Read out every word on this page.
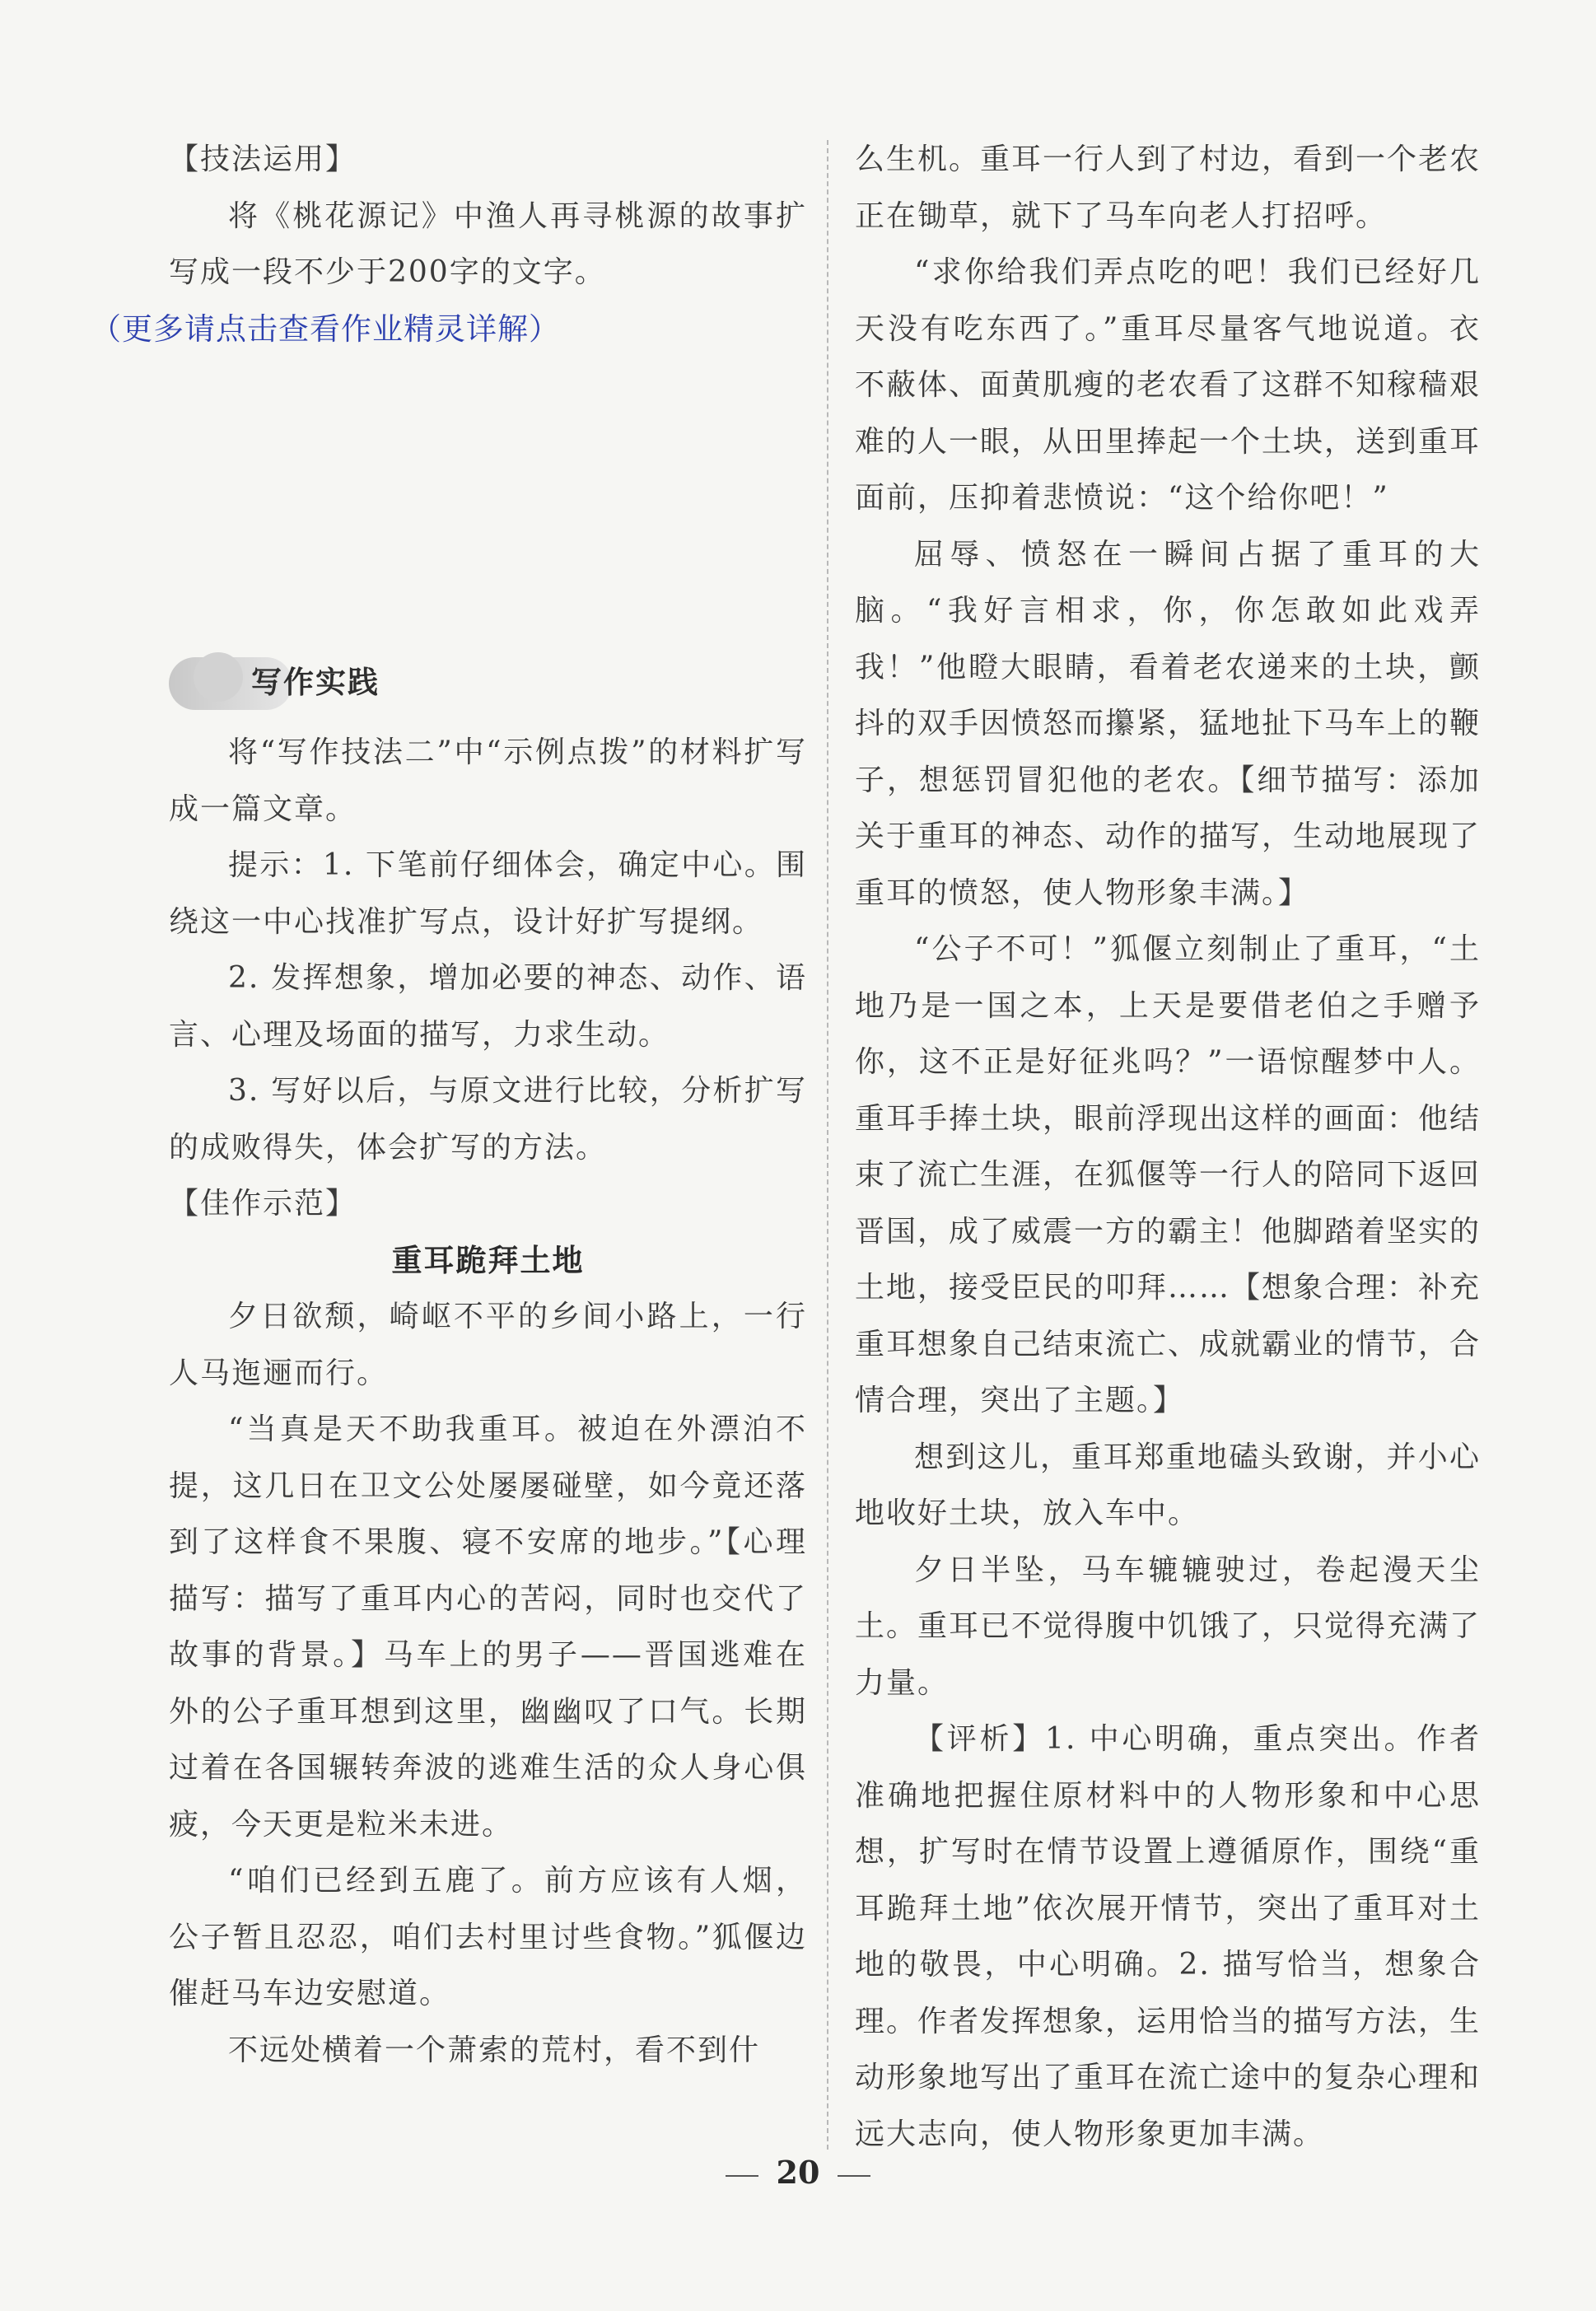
【技法运用】

将《桃花源记》中渔人再寻桃源的故事扩写成一段不少于200字的文字。

（更多请点击查看作业精灵详解）

写作实践

将“写作技法二”中“示例点拨”的材料扩写成一篇文章。

提示：1. 下笔前仔细体会，确定中心。围绕这一中心找准扩写点，设计好扩写提纲。

2. 发挥想象，增加必要的神态、动作、语言、心理及场面的描写，力求生动。

3. 写好以后，与原文进行比较，分析扩写的成败得失，体会扩写的方法。

【佳作示范】

重耳跪拜土地

夕日欲颓，崎岖不平的乡间小路上，一行人马迤逦而行。

“当真是天不助我重耳。被迫在外漂泊不提，这几日在卫文公处屡屡碰壁，如今竟还落到了这样食不果腹、寝不安席的地步。”【心理描写：描写了重耳内心的苦闷，同时也交代了故事的背景。】马车上的男子——晋国逃难在外的公子重耳想到这里，幽幽叹了口气。长期过着在各国辗转奔波的逃难生活的众人身心俱疲，今天更是粒米未进。

“咱们已经到五鹿了。前方应该有人烟，公子暂且忍忍，咱们去村里讨些食物。”狐偃边催赶马车边安慰道。

不远处横着一个萧索的荒村，看不到什

么生机。重耳一行人到了村边，看到一个老农正在锄草，就下了马车向老人打招呼。

“求你给我们弄点吃的吧！我们已经好几天没有吃东西了。”重耳尽量客气地说道。衣不蔽体、面黄肌瘦的老农看了这群不知稼穑艰难的人一眼，从田里捧起一个土块，送到重耳面前，压抑着悲愤说：“这个给你吧！”

屈辱、愤怒在一瞬间占据了重耳的大脑。“我好言相求，你，你怎敢如此戏弄我！”他瞪大眼睛，看着老农递来的土块，颤抖的双手因愤怒而攥紧，猛地扯下马车上的鞭子，想惩罚冒犯他的老农。【细节描写：添加关于重耳的神态、动作的描写，生动地展现了重耳的愤怒，使人物形象丰满。】

“公子不可！”狐偃立刻制止了重耳，“土地乃是一国之本，上天是要借老伯之手赠予你，这不正是好征兆吗？”一语惊醒梦中人。重耳手捧土块，眼前浮现出这样的画面：他结束了流亡生涯，在狐偃等一行人的陪同下返回晋国，成了威震一方的霸主！他脚踏着坚实的土地，接受臣民的叩拜……【想象合理：补充重耳想象自己结束流亡、成就霸业的情节，合情合理，突出了主题。】

想到这儿，重耳郑重地磕头致谢，并小心地收好土块，放入车中。

夕日半坠，马车辘辘驶过，卷起漫天尘土。重耳已不觉得腹中饥饿了，只觉得充满了力量。

【评析】1. 中心明确，重点突出。作者准确地把握住原材料中的人物形象和中心思想，扩写时在情节设置上遵循原作，围绕“重耳跪拜土地”依次展开情节，突出了重耳对土地的敬畏，中心明确。2. 描写恰当，想象合理。作者发挥想象，运用恰当的描写方法，生动形象地写出了重耳在流亡途中的复杂心理和远大志向，使人物形象更加丰满。

20
